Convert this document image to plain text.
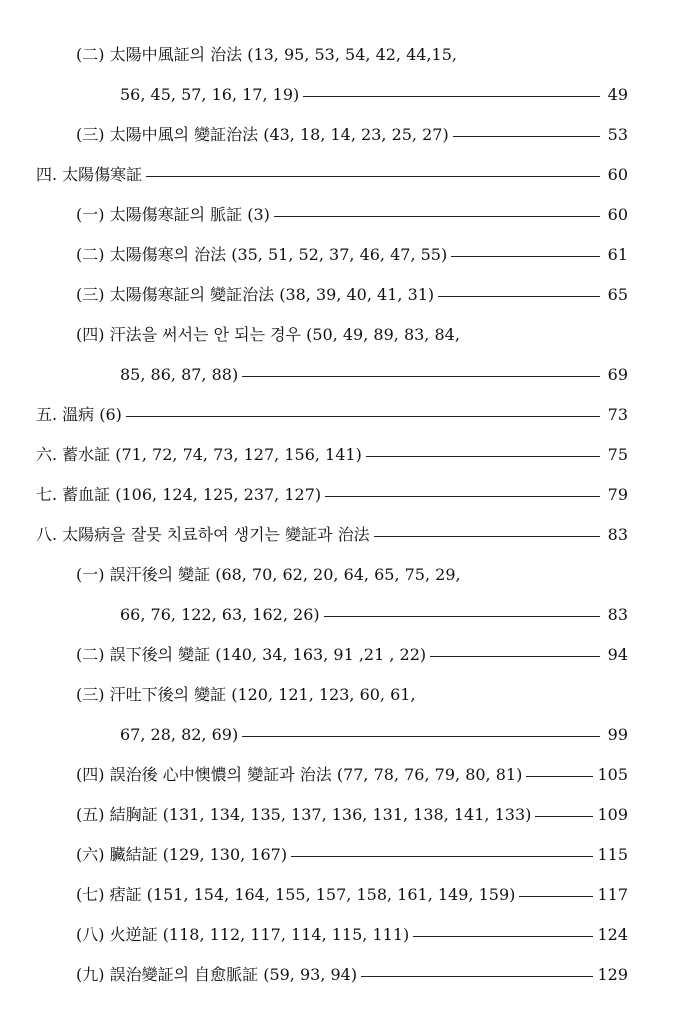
(二) 太陽中風証의 治法 (13, 95, 53, 54, 42, 44,15,
56, 45, 57, 16, 17, 19)	49
(三) 太陽中風의 變証治法 (43, 18, 14, 23, 25, 27)	53
四. 太陽傷寒証	60
(一) 太陽傷寒証의 脈証 (3)	60
(二) 太陽傷寒의 治法 (35, 51, 52, 37, 46, 47, 55)	61
(三) 太陽傷寒証의 變証治法 (38, 39, 40, 41, 31)	65
(四) 汗法을 써서는 안 되는 경우 (50, 49, 89, 83, 84,
85, 86, 87, 88)	69
五. 溫病 (6)	73
六. 蓄水証 (71, 72, 74, 73, 127, 156, 141)	75
七. 蓄血証 (106, 124, 125, 237, 127)	79
八. 太陽病을 잘못 치료하여 생기는 變証과 治法	83
(一) 誤汗後의 變証 (68, 70, 62, 20, 64, 65, 75, 29,
66, 76, 122, 63, 162, 26)	83
(二) 誤下後의 變証 (140, 34, 163, 91 ,21 , 22)	94
(三) 汗吐下後의 變証 (120, 121, 123, 60, 61,
67, 28, 82, 69)	99
(四) 誤治後 心中懊憹의 變証과 治法 (77, 78, 76, 79, 80, 81)	105
(五) 結胸証 (131, 134, 135, 137, 136, 131, 138, 141, 133)	109
(六) 臟結証 (129, 130, 167)	115
(七) 痞証 (151, 154, 164, 155, 157, 158, 161, 149, 159)	117
(八) 火逆証 (118, 112, 117, 114, 115, 111)	124
(九) 誤治變証의 自愈脈証 (59, 93, 94)	129
